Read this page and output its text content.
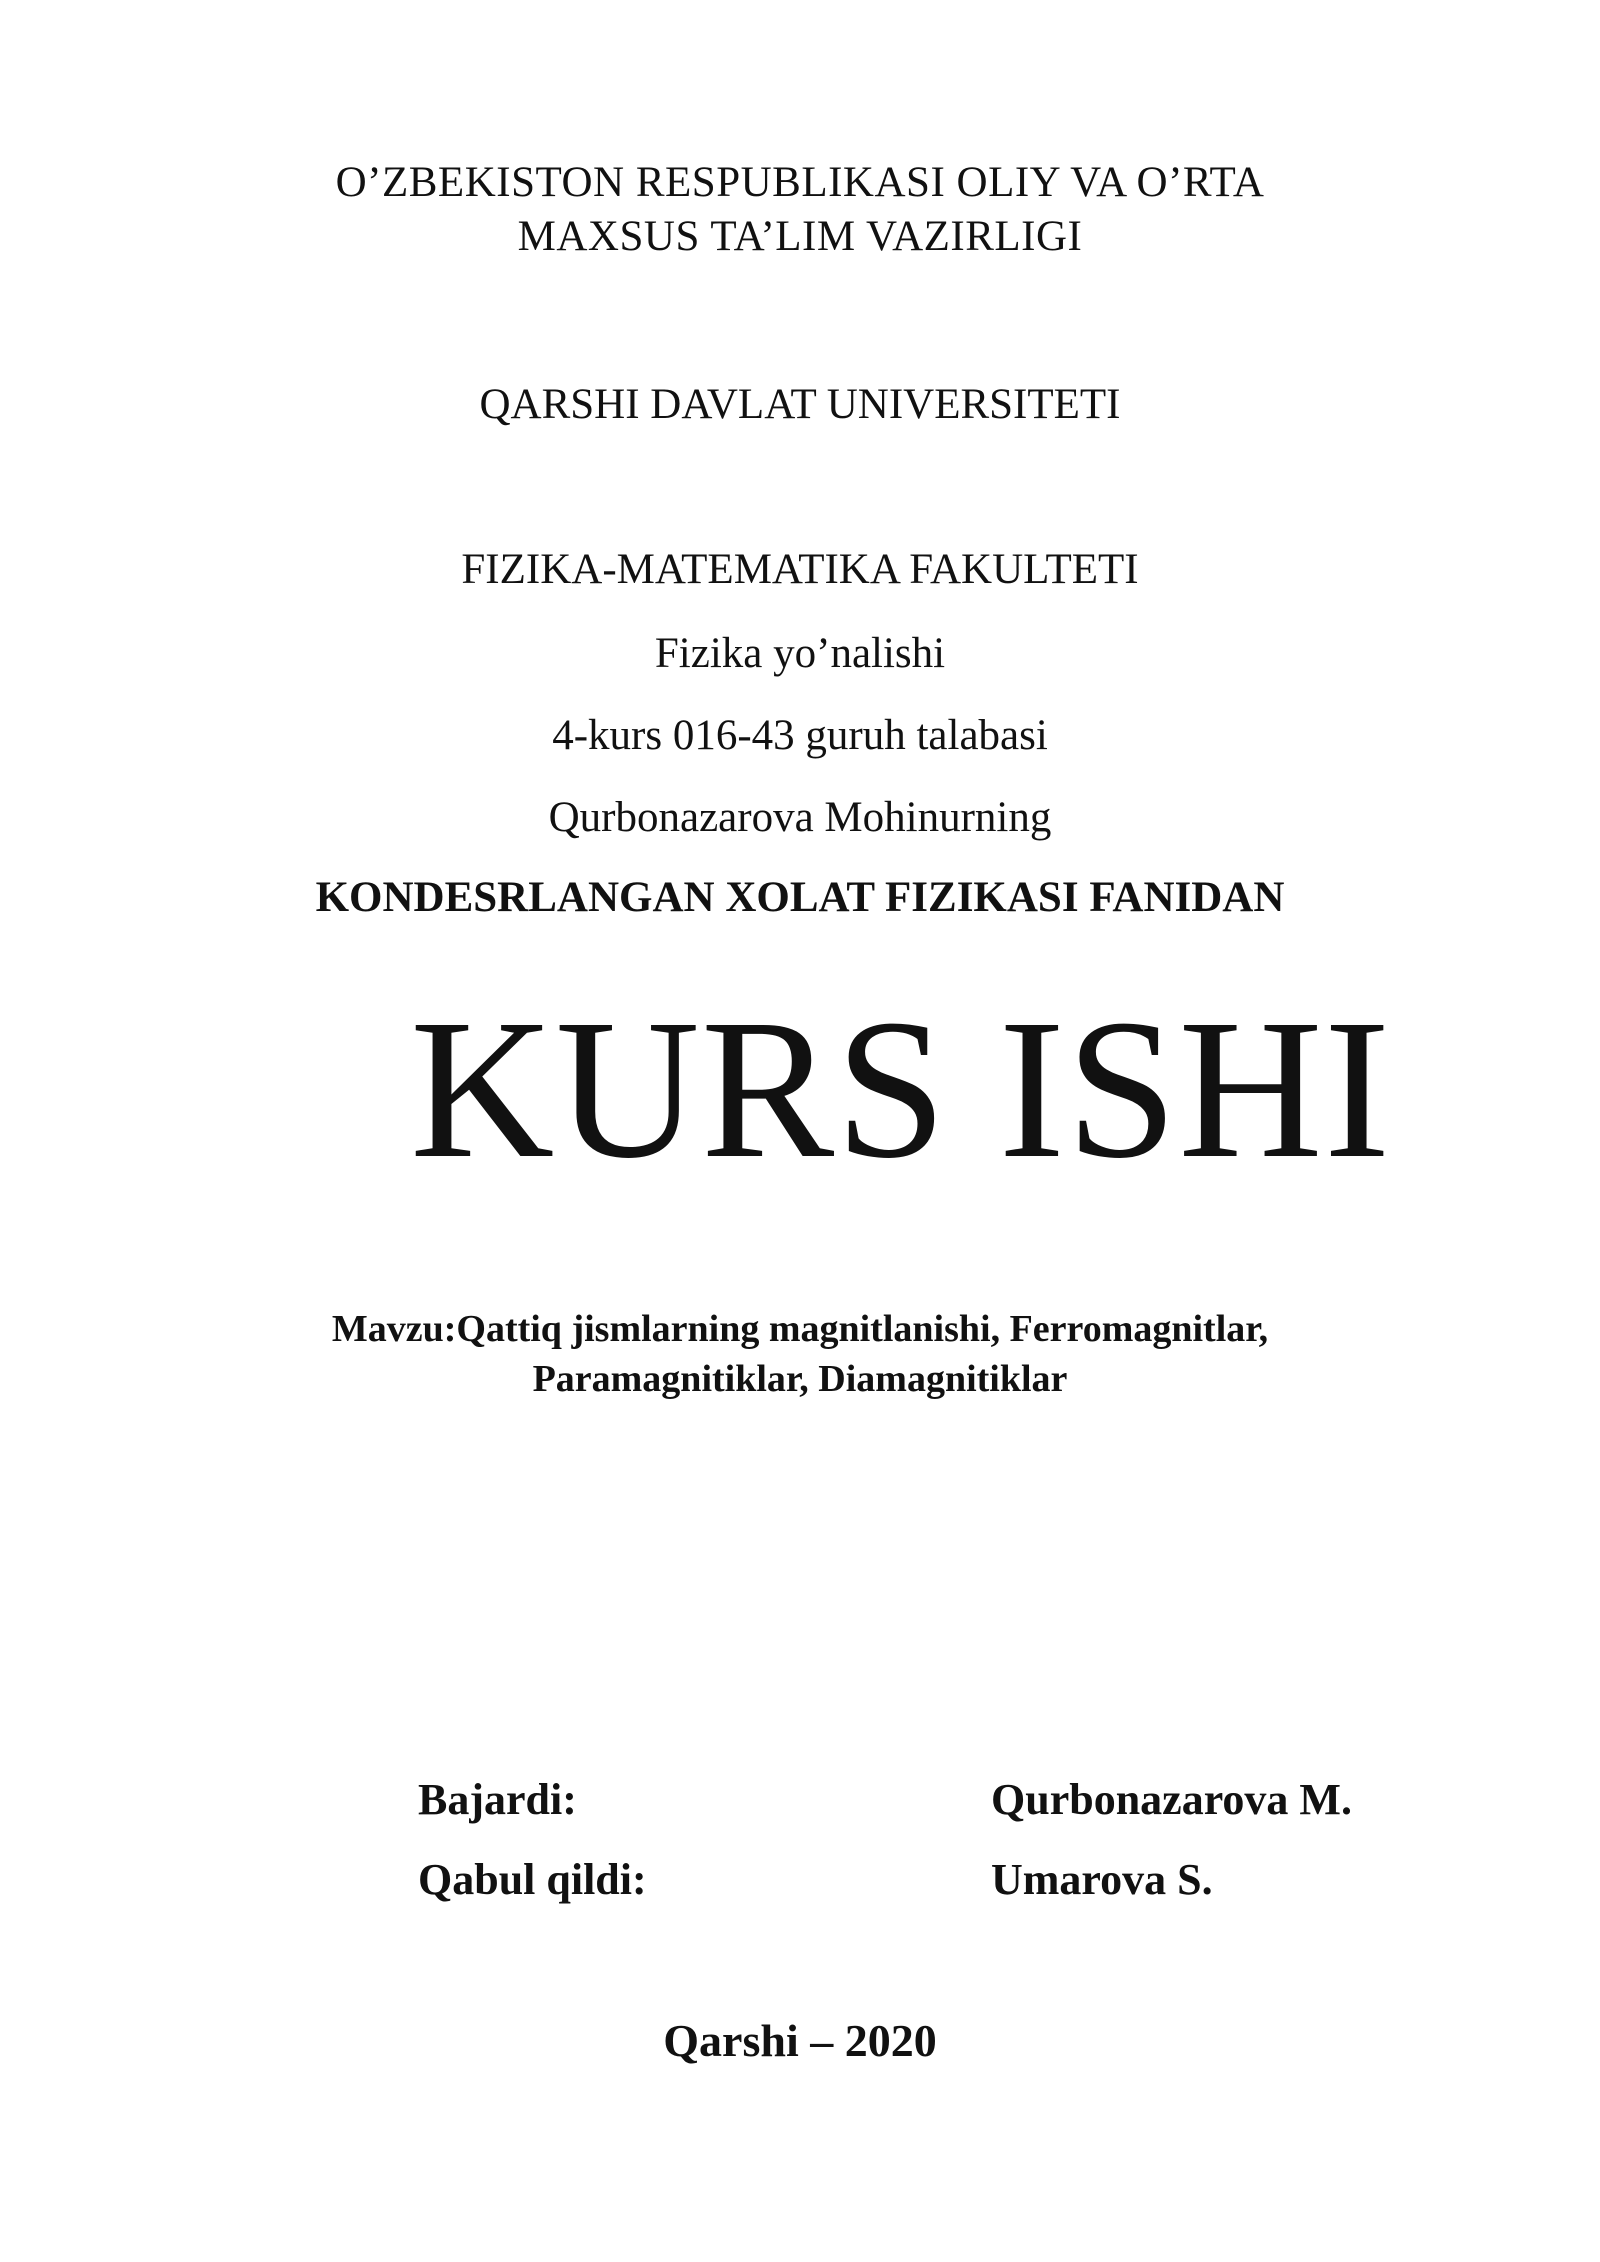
O’ZBEKISTON RESPUBLIKASI OLIY VA O’RTA
MAXSUS TA’LIM VAZIRLIGI
QARSHI DAVLAT UNIVERSITETI
FIZIKA-MATEMATIKA FAKULTETI
Fizika yo’nalishi
4-kurs 016-43 guruh talabasi
Qurbonazarova Mohinurning
KONDESRLANGAN XOLAT FIZIKASI FANIDAN
KURS ISHI
Mavzu:Qattiq jismlarning magnitlanishi, Ferromagnitlar,
Paramagnitiklar, Diamagnitiklar
Bajardi:	Qurbonazarova M.
Qabul qildi:	Umarova S.
Qarshi – 2020
